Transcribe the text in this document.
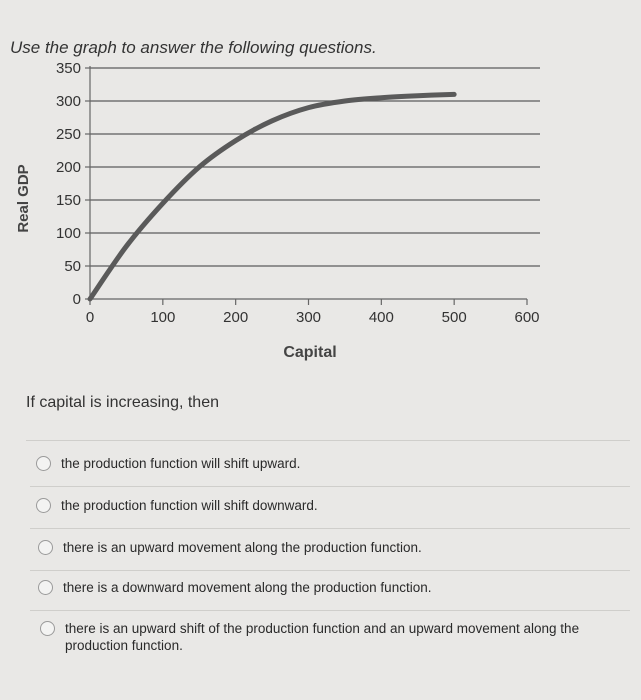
Use the graph to answer the following questions.

0
50
100
150
200
250
300
350
0	100	200	300	400	500	600
Capital
Real GDP

If capital is increasing, then

the production function will shift upward.
the production function will shift downward.
there is an upward movement along the production function.
there is a downward movement along the production function.
there is an upward shift of the production function and an upward movement along the production function.
